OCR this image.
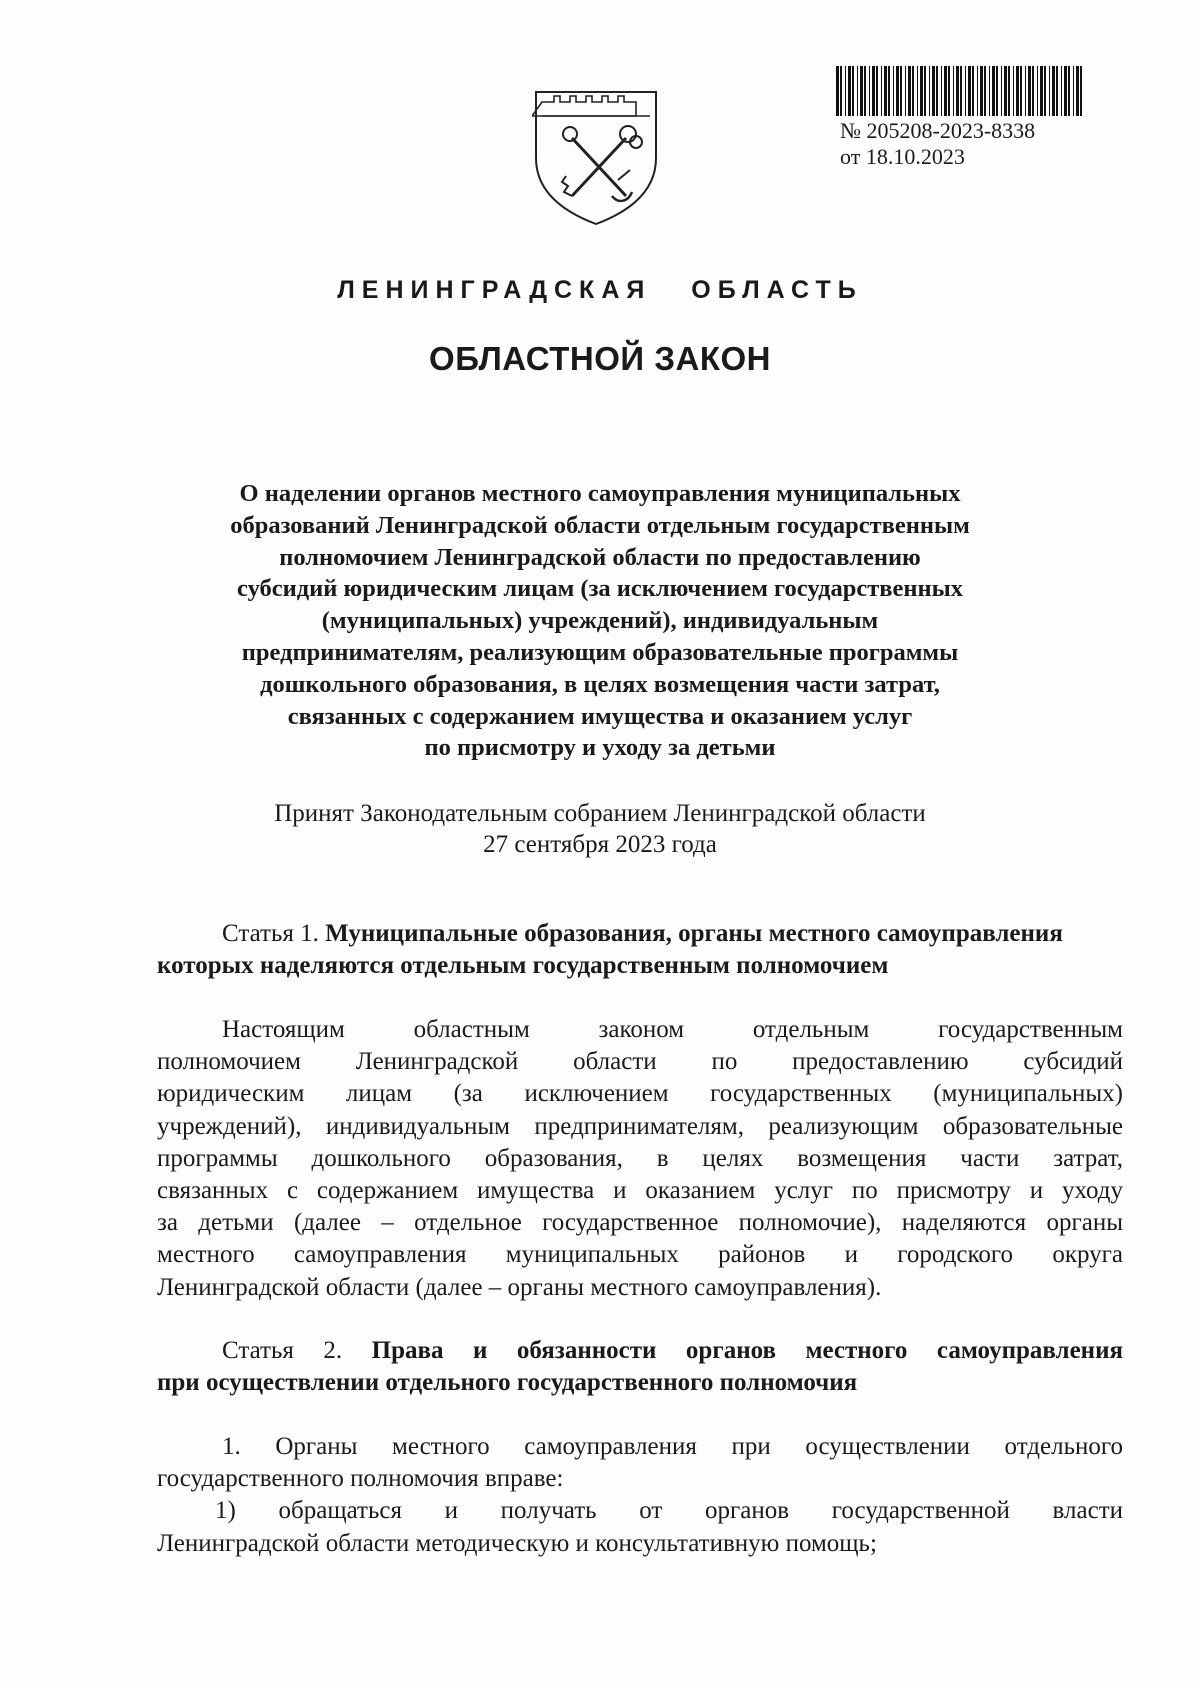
№ 205208-2023-8338
от 18.10.2023
ЛЕНИНГРАДСКАЯ ОБЛАСТЬ
ОБЛАСТНОЙ ЗАКОН
О наделении органов местного самоуправления муниципальных
образований Ленинградской области отдельным государственным
полномочием Ленинградской области по предоставлению
субсидий юридическим лицам (за исключением государственных
(муниципальных) учреждений), индивидуальным
предпринимателям, реализующим образовательные программы
дошкольного образования, в целях возмещения части затрат,
связанных с содержанием имущества и оказанием услуг
по присмотру и уходу за детьми
Принят Законодательным собранием Ленинградской области
27 сентября 2023 года
Статья 1. Муниципальные образования, органы местного самоуправления
которых наделяются отдельным государственным полномочием
Настоящим областным законом отдельным государственным
полномочием Ленинградской области по предоставлению субсидий
юридическим лицам (за исключением государственных (муниципальных)
учреждений), индивидуальным предпринимателям, реализующим образовательные
программы дошкольного образования, в целях возмещения части затрат,
связанных с содержанием имущества и оказанием услуг по присмотру и уходу
за детьми (далее – отдельное государственное полномочие), наделяются органы
местного самоуправления муниципальных районов и городского округа
Ленинградской области (далее – органы местного самоуправления).
Статья 2. Права и обязанности органов местного самоуправления
при осуществлении отдельного государственного полномочия
1. Органы местного самоуправления при осуществлении отдельного
государственного полномочия вправе:
1) обращаться и получать от органов государственной власти
Ленинградской области методическую и консультативную помощь;
